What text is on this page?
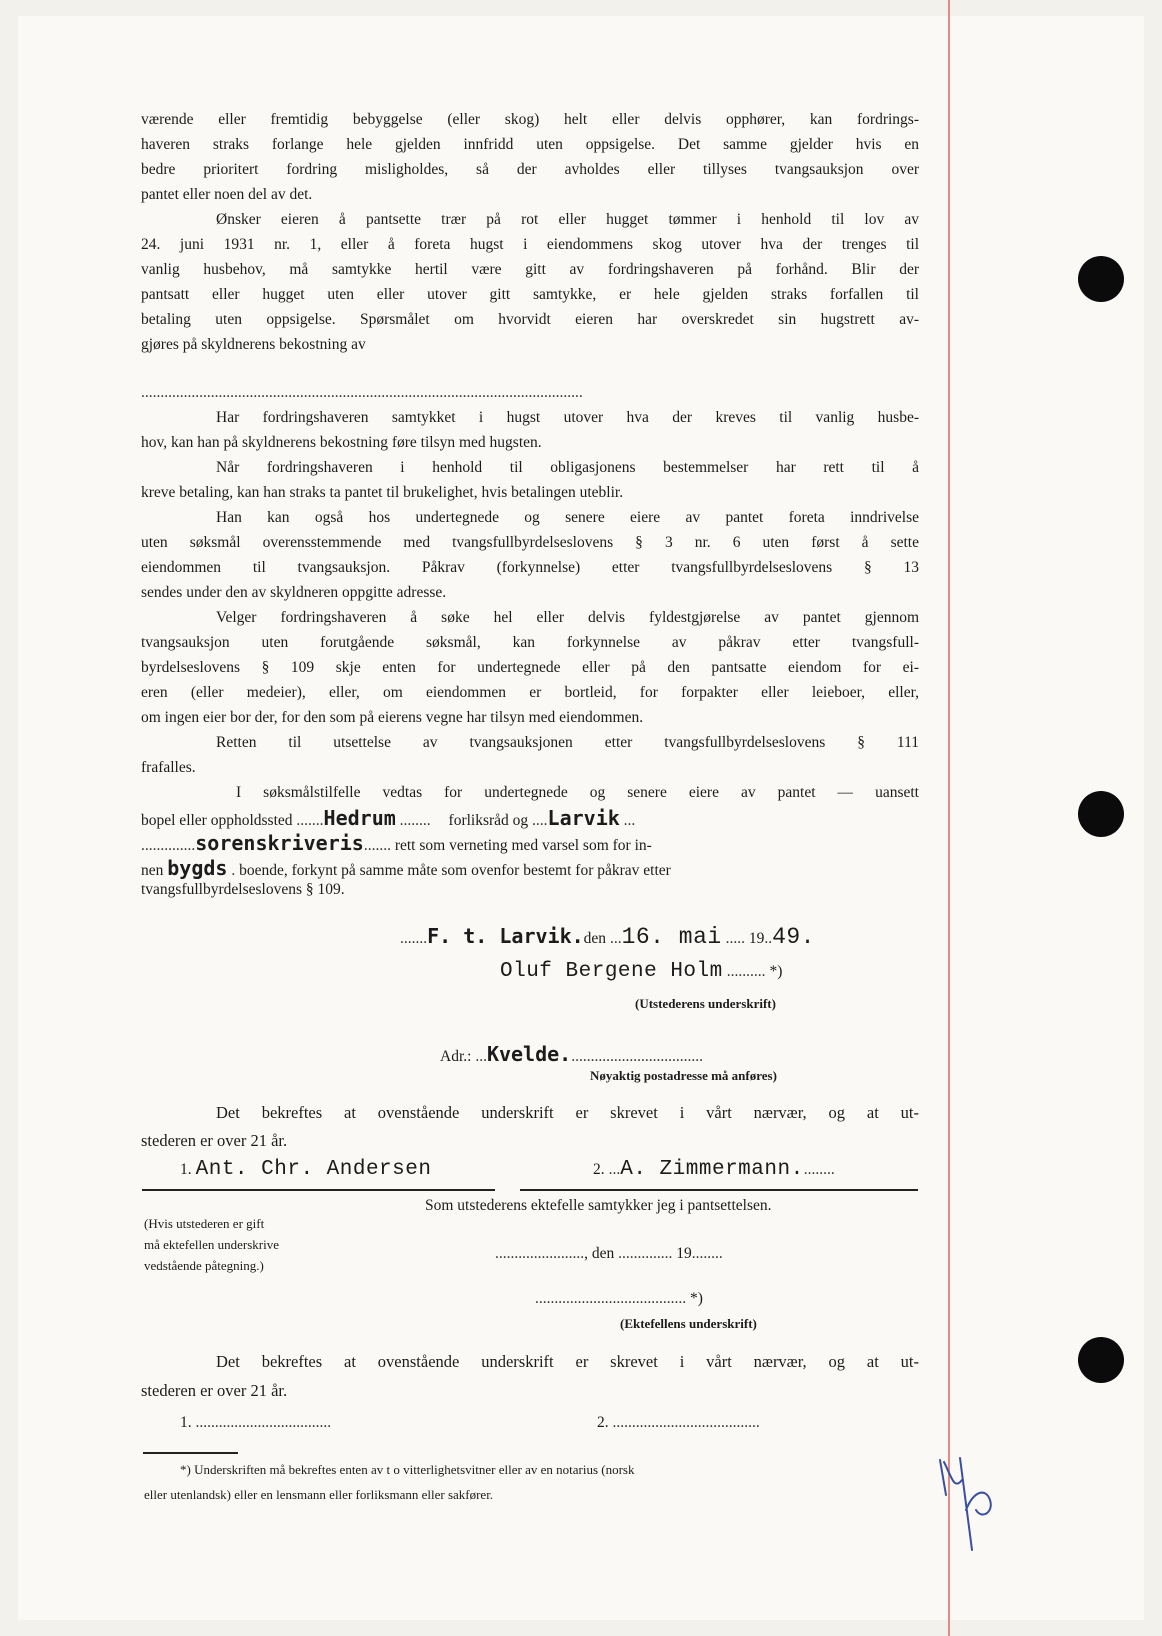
værende eller fremtidig bebyggelse (eller skog) helt eller delvis opphører, kan fordrings-
haveren straks forlange hele gjelden innfridd uten oppsigelse. Det samme gjelder hvis en
bedre prioritert fordring misligholdes, så der avholdes eller tillyses tvangsauksjon over
pantet eller noen del av det.
Ønsker eieren å pantsette trær på rot eller hugget tømmer i henhold til lov av
24. juni 1931 nr. 1, eller å foreta hugst i eiendommens skog utover hva der trenges til
vanlig husbehov, må samtykke hertil være gitt av fordringshaveren på forhånd. Blir der
pantsatt eller hugget uten eller utover gitt samtykke, er hele gjelden straks forfallen til
betaling uten oppsigelse. Spørsmålet om hvorvidt eieren har overskredet sin hugstrett av-
gjøres på skyldnerens bekostning av
..................................................................................................................
Har fordringshaveren samtykket i hugst utover hva der kreves til vanlig husbe-
hov, kan han på skyldnerens bekostning føre tilsyn med hugsten.
Når fordringshaveren i henhold til obligasjonens bestemmelser har rett til å
kreve betaling, kan han straks ta pantet til brukelighet, hvis betalingen uteblir.
Han kan også hos undertegnede og senere eiere av pantet foreta inndrivelse
uten søksmål overensstemmende med tvangsfullbyrdelseslovens § 3 nr. 6 uten først å sette
eiendommen til tvangsauksjon. Påkrav (forkynnelse) etter tvangsfullbyrdelseslovens § 13
sendes under den av skyldneren oppgitte adresse.
Velger fordringshaveren å søke hel eller delvis fyldestgjørelse av pantet gjennom
tvangsauksjon uten forutgående søksmål, kan forkynnelse av påkrav etter tvangsfull-
byrdelseslovens § 109 skje enten for undertegnede eller på den pantsatte eiendom for ei-
eren (eller medeier), eller, om eiendommen er bortleid, for forpakter eller leieboer, eller,
om ingen eier bor der, for den som på eierens vegne har tilsyn med eiendommen.
Retten til utsettelse av tvangsauksjonen etter tvangsfullbyrdelseslovens § 111
frafalles.
I søksmålstilfelle vedtas for undertegnede og senere eiere av pantet — uansett
bopel eller oppholdssted .......Hedrum ........ forliksråd og ....Larvik ...
..............sorenskriveris....... rett som verneting med varsel som for in-
nen bygds . boende, forkynt på samme måte som ovenfor bestemt for påkrav etter
tvangsfullbyrdelseslovens § 109.
.......F. t. Larvik.den ...16. mai ..... 19..49.
Oluf Bergene Holm .......... *)
(Utstederens underskrift)
Adr.: ...Kvelde...................................
Nøyaktig postadresse må anføres)
Det bekreftes at ovenstående underskrift er skrevet i vårt nærvær, og at ut-
stederen er over 21 år.
1. Ant. Chr. Andersen	2. ...A. Zimmermann.........
(Hvis utstederen er gift
må ektefellen underskrive
vedstående påtegning.)
Som utstederens ektefelle samtykker jeg i pantsettelsen.
......................., den .............. 19........
....................................... *)
(Ektefellens underskrift)
Det bekreftes at ovenstående underskrift er skrevet i vårt nærvær, og at ut-
stederen er over 21 år.
1. ...................................	2. ......................................
*) Underskriften må bekreftes enten av t o vitterlighetsvitner eller av en notarius (norsk
eller utenlandsk) eller en lensmann eller forliksmann eller sakfører.
